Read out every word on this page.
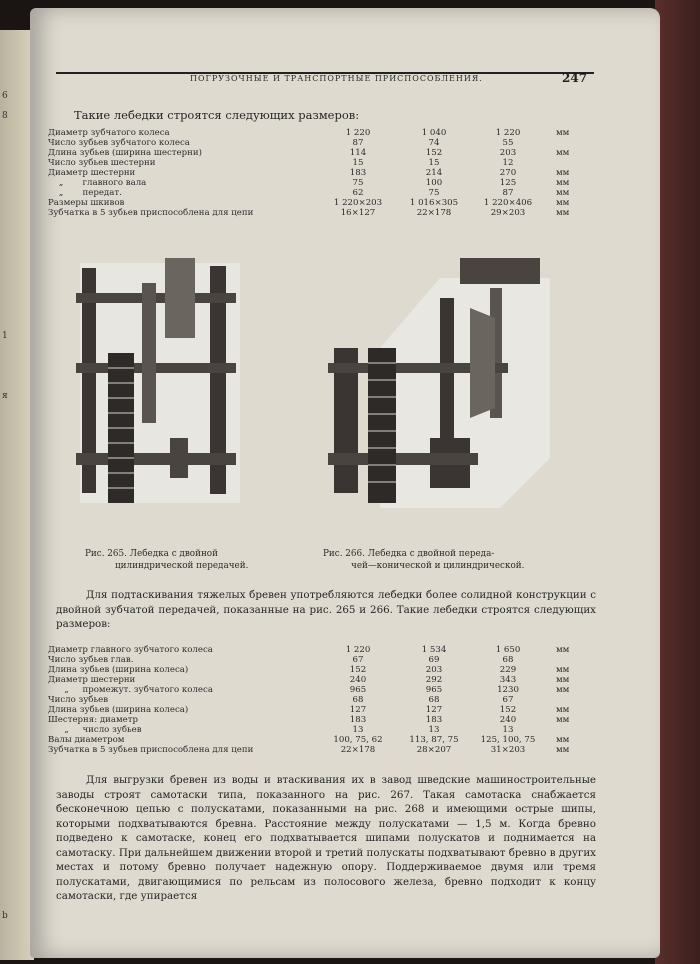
6
8
1
я
b
ПОГРУЗОЧНЫЕ И ТРАНСПОРТНЫЕ ПРИСПОСОБЛЕНИЯ.	247
Такие лебедки строятся следующих размеров:
Диаметр зубчатого колеса	1 220	1 040	1 220	мм
Число зубьев зубчатого колеса	87	74	55
Длина зубьев (ширина шестерни)	114	152	203	мм
Число зубьев шестерни	15	15	12
Диаметр шестерни	183	214	270	мм
„       главного вала	75	100	125	мм
„       передат.	62	75	87	мм
Размеры шкивов	1 220×203	1 016×305	1 220×406	мм
Зубчатка в 5 зубьев приспособлена для цепи	16×127	22×178	29×203	мм
Рис. 265. Лебедка с двойной
цилиндрической передачей.
Рис. 266. Лебедка с двойной переда-
чей—конической и цилиндрической.
Для подтаскивания тяжелых бревен употребляются лебедки более солидной конструкции с двойной зубчатой передачей, показанные на рис. 265 и 266. Такие лебедки строятся следующих размеров:
Диаметр главного зубчатого колеса	1 220	1 534	1 650	мм
Число зубьев глав.	67	69	68
Длина зубьев (ширина колеса)	152	203	229	мм
Диаметр шестерни	240	292	343	мм
„     промежут. зубчатого колеса	965	965	1230	мм
Число зубьев	68	68	67
Длина зубьев (ширина колеса)	127	127	152	мм
Шестерня: диаметр	183	183	240	мм
„     число зубьев	13	13	13
Валы диаметром	100, 75, 62	113, 87, 75	125, 100, 75	мм
Зубчатка в 5 зубьев приспособлена для цепи	22×178	28×207	31×203	мм
Для выгрузки бревен из воды и втаскивания их в завод шведские машиностроительные заводы строят самотаски типа, показанного на рис. 267. Такая самотаска снабжается бесконечною цепью с полускатами, показанными на рис. 268 и имеющими острые шипы, которыми подхватываются бревна. Расстояние между полускатами — 1,5 м. Когда бревно подведено к самотаске, конец его подхватывается шипами полускатов и поднимается на самотаску. При дальнейшем движении второй и третий полускаты подхватывают бревно в других местах и потому бревно получает надежную опору. Поддерживаемое двумя или тремя полускатами, двигающимися по рельсам из полосового железа, бревно подходит к концу самотаски, где упирается
